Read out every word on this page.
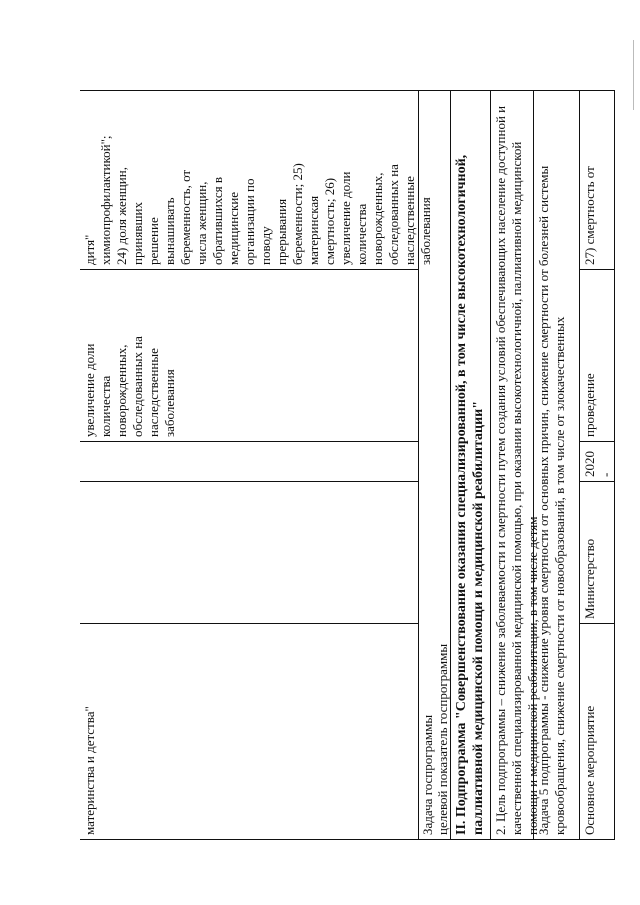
материнства и детства"
увеличение доли количества новорожденных, обследованных на наследственные заболевания
дитя" химиопрофилактикой"; 24) доля женщин, принявших решение вынашивать беременность, от числа женщин, обратившихся в медицинские организации по поводу прерывания беременности; 25) материнская смертность; 26) увеличение доли количества новорожденных, обследованных на наследственные заболевания
Задача госпрограммы целевой показатель госпрограммы II. Подпрограмма "Совершенствование оказания специализированной, в том числе высокотехнологичной, паллиативной медицинской помощи и медицинской реабилитации" 2. Цель подпрограммы – снижение заболеваемости и смертности путем создания условий обеспечивающих население доступной и качественной специализированной медицинской помощью, при оказании высокотехнологичной, паллиативной медицинской помощи и медицинской реабилитации, в том числе детям
Задача 5 подпрограммы - снижение уровня смертности от основных причин, снижение смертности от болезней системы кровообращения, снижение смертности от новообразований, в том числе от злокачественных	Основное мероприятие
Министерство
2020 -
проведение
27) смертность от
